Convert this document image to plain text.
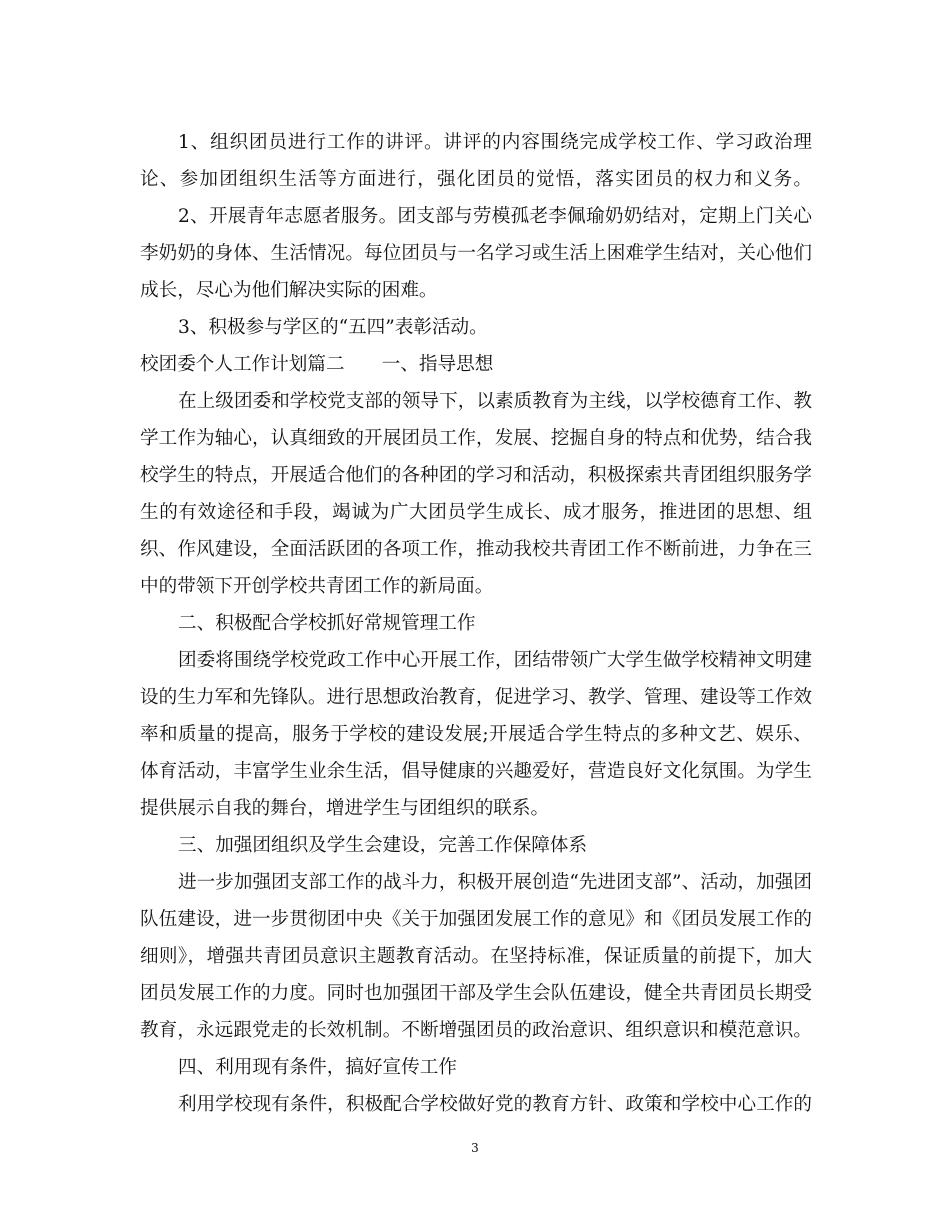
1、组织团员进行工作的讲评。讲评的内容围绕完成学校工作、学习政治理
论、参加团组织生活等方面进行，强化团员的觉悟，落实团员的权力和义务。
2、开展青年志愿者服务。团支部与劳模孤老李佩瑜奶奶结对，定期上门关心
李奶奶的身体、生活情况。每位团员与一名学习或生活上困难学生结对，关心他们
成长，尽心为他们解决实际的困难。
3、积极参与学区的“五四”表彰活动。
校团委个人工作计划篇二　　一、指导思想
在上级团委和学校党支部的领导下，以素质教育为主线，以学校德育工作、教
学工作为轴心，认真细致的开展团员工作，发展、挖掘自身的特点和优势，结合我
校学生的特点，开展适合他们的各种团的学习和活动，积极探索共青团组织服务学
生的有效途径和手段，竭诚为广大团员学生成长、成才服务，推进团的思想、组
织、作风建设，全面活跃团的各项工作，推动我校共青团工作不断前进，力争在三
中的带领下开创学校共青团工作的新局面。
二、积极配合学校抓好常规管理工作
团委将围绕学校党政工作中心开展工作，团结带领广大学生做学校精神文明建
设的生力军和先锋队。进行思想政治教育，促进学习、教学、管理、建设等工作效
率和质量的提高，服务于学校的建设发展;开展适合学生特点的多种文艺、娱乐、
体育活动，丰富学生业余生活，倡导健康的兴趣爱好，营造良好文化氛围。为学生
提供展示自我的舞台，增进学生与团组织的联系。
三、加强团组织及学生会建设，完善工作保障体系
进一步加强团支部工作的战斗力，积极开展创造“先进团支部”、活动，加强团
队伍建设，进一步贯彻团中央《关于加强团发展工作的意见》和《团员发展工作的
细则》，增强共青团员意识主题教育活动。在坚持标准，保证质量的前提下，加大
团员发展工作的力度。同时也加强团干部及学生会队伍建设，健全共青团员长期受
教育，永远跟党走的长效机制。不断增强团员的政治意识、组织意识和模范意识。
四、利用现有条件，搞好宣传工作
利用学校现有条件，积极配合学校做好党的教育方针、政策和学校中心工作的
3
